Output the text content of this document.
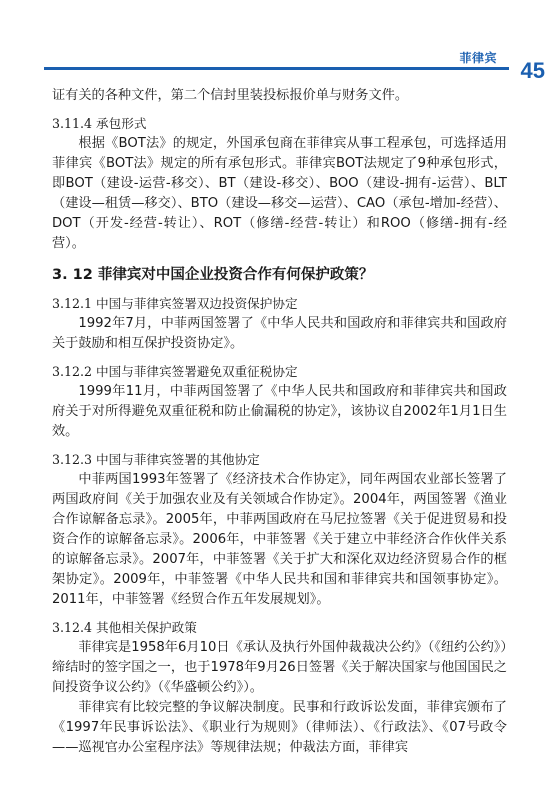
菲律宾 45

证有关的各种文件，第二个信封里装投标报价单与财务文件。

3.11.4 承包形式

根据《BOT法》的规定，外国承包商在菲律宾从事工程承包，可选择适用菲律宾《BOT法》规定的所有承包形式。菲律宾BOT法规定了9种承包形式，即BOT（建设-运营-移交）、BT（建设-移交）、BOO（建设-拥有-运营）、BLT（建设—租赁—移交）、BTO（建设—移交—运营）、CAO（承包-增加-经营）、DOT（开发-经营-转让）、ROT（修缮-经营-转让）和ROO（修缮-拥有-经营）。

3. 12 菲律宾对中国企业投资合作有何保护政策？
3.12.1 中国与菲律宾签署双边投资保护协定

1992年7月，中菲两国签署了《中华人民共和国政府和菲律宾共和国政府关于鼓励和相互保护投资协定》。

3.12.2 中国与菲律宾签署避免双重征税协定

1999年11月，中菲两国签署了《中华人民共和国政府和菲律宾共和国政府关于对所得避免双重征税和防止偷漏税的协定》，该协议自2002年1月1日生效。

3.12.3 中国与菲律宾签署的其他协定

中菲两国1993年签署了《经济技术合作协定》，同年两国农业部长签署了两国政府间《关于加强农业及有关领域合作协定》。2004年，两国签署《渔业合作谅解备忘录》。2005年，中菲两国政府在马尼拉签署《关于促进贸易和投资合作的谅解备忘录》。2006年，中菲签署《关于建立中菲经济合作伙伴关系的谅解备忘录》。2007年，中菲签署《关于扩大和深化双边经济贸易合作的框架协定》。2009年，中菲签署《中华人民共和国和菲律宾共和国领事协定》。2011年，中菲签署《经贸合作五年发展规划》。

3.12.4 其他相关保护政策

菲律宾是1958年6月10日《承认及执行外国仲裁裁决公约》（《纽约公约》）缔结时的签字国之一，也于1978年9月26日签署《关于解决国家与他国国民之间投资争议公约》（《华盛顿公约》）。

菲律宾有比较完整的争议解决制度。民事和行政诉讼发面，菲律宾颁布了《1997年民事诉讼法》、《职业行为规则》（律师法）、《行政法》、《07号政令——巡视官办公室程序法》等规律法规；仲裁法方面，菲律宾
